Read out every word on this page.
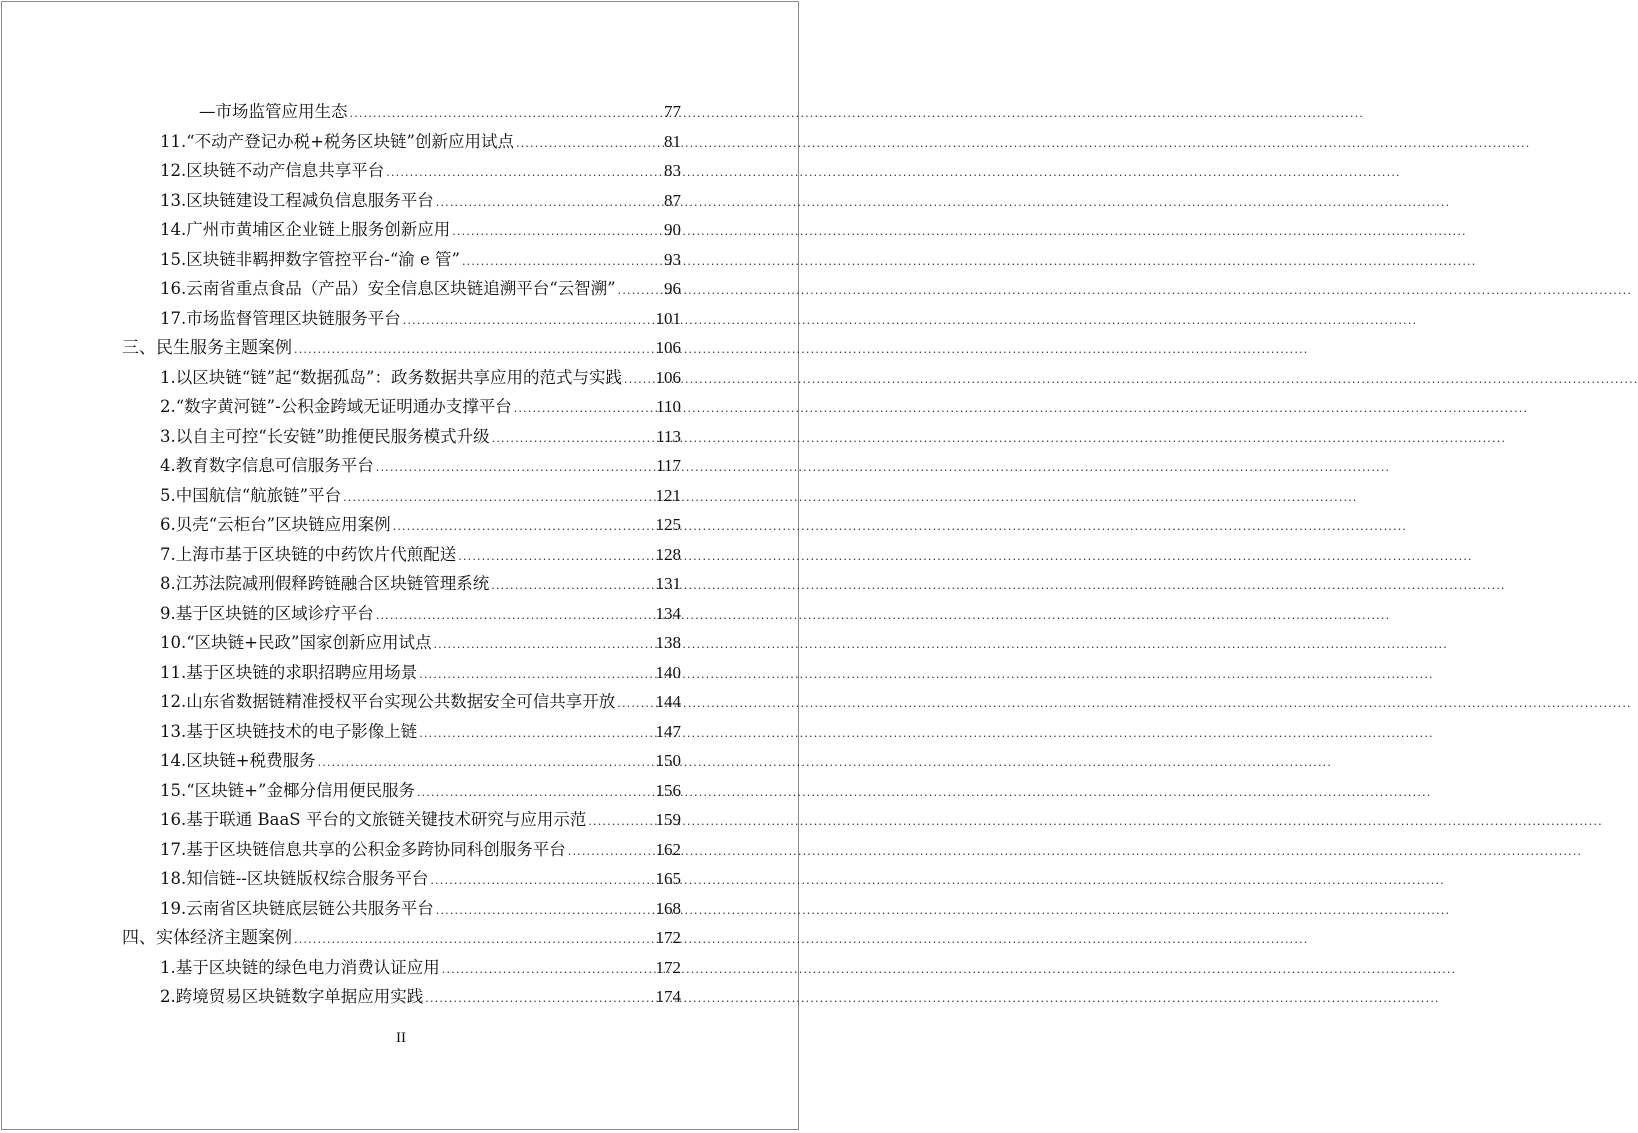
—市场监管应用生态 .....	77
11. “不动产登记办税+税务区块链”创新应用试点 .....	81
12. 区块链不动产信息共享平台 .....	83
13. 区块链建设工程减负信息服务平台 .....	87
14. 广州市黄埔区企业链上服务创新应用 .....	90
15. 区块链非羁押数字管控平台-“渝 e 管” .....	93
16. 云南省重点食品（产品）安全信息区块链追溯平台“云智溯” .....	96
17. 市场监督管理区块链服务平台 .....	101
三、 民生服务主题案例 .....	106
1. 以区块链“链”起“数据孤岛”：政务数据共享应用的范式与实践 ..... 106
2. “数字黄河链”-公积金跨域无证明通办支撑平台 .....	110
3. 以自主可控“长安链”助推便民服务模式升级 .....	113
4. 教育数字信息可信服务平台 .....	117
5. 中国航信“航旅链”平台 .....	121
6. 贝壳“云柜台”区块链应用案例 .....	125
7. 上海市基于区块链的中药饮片代煎配送 .....	128
8. 江苏法院减刑假释跨链融合区块链管理系统 .....	131
9. 基于区块链的区域诊疗平台 .....	134
10. “区块链+民政”国家创新应用试点 .....	138
11. 基于区块链的求职招聘应用场景 .....	140
12. 山东省数据链精准授权平台实现公共数据安全可信共享开放 ..... 144
13. 基于区块链技术的电子影像上链 .....	147
14. 区块链+税费服务 .....	150
15. “区块链+”金椰分信用便民服务 .....	156
16. 基于联通 BaaS 平台的文旅链关键技术研究与应用示范 .....	159
17. 基于区块链信息共享的公积金多跨协同科创服务平台 .....	162
18. 知信链--区块链版权综合服务平台 .....	165
19. 云南省区块链底层链公共服务平台 .....	168
四、 实体经济主题案例 .....	172
1. 基于区块链的绿色电力消费认证应用 .....	172
2. 跨境贸易区块链数字单据应用实践 .....	174
II
